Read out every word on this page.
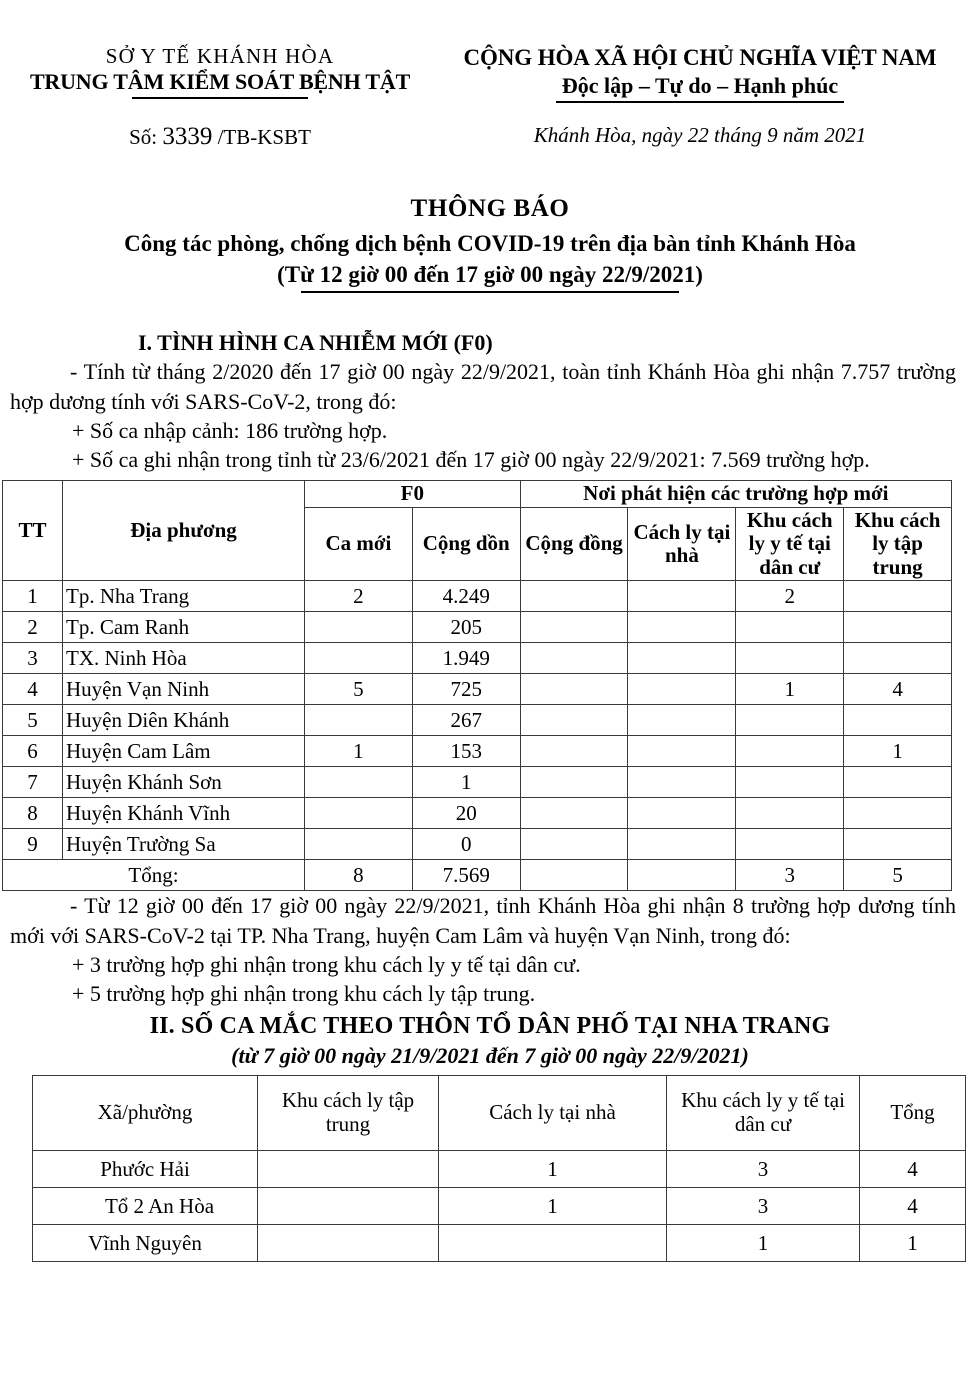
SỞ Y TẾ KHÁNH HÒA
TRUNG TÂM KIỂM SOÁT BỆNH TẬT
CỘNG HÒA XÃ HỘI CHỦ NGHĨA VIỆT NAM
Độc lập – Tự do – Hạnh phúc
Số: 3339 /TB-KSBT	Khánh Hòa, ngày 22 tháng 9 năm 2021
THÔNG BÁO
Công tác phòng, chống dịch bệnh COVID-19 trên địa bàn tỉnh Khánh Hòa
(Từ 12 giờ 00 đến 17 giờ 00 ngày 22/9/2021)
I. TÌNH HÌNH CA NHIỄM MỚI (F0)

- Tính từ tháng 2/2020 đến 17 giờ 00 ngày 22/9/2021, toàn tỉnh Khánh Hòa ghi nhận 7.757 trường hợp dương tính với SARS-CoV-2, trong đó:

+ Số ca nhập cảnh: 186 trường hợp.

+ Số ca ghi nhận trong tỉnh từ 23/6/2021 đến 17 giờ 00 ngày 22/9/2021: 7.569 trường hợp.

TT	Địa phương	F0		Nơi phát hiện các trường hợp mới			
		Ca mới	Cộng dồn	Cộng đồng	Cách ly tại nhà	Khu cách ly y tế tại dân cư	Khu cách ly tập trung
1	Tp. Nha Trang	2	4.249			2	
2	Tp. Cam Ranh		205				
3	TX. Ninh Hòa		1.949				
4	Huyện Vạn Ninh	5	725			1	4
5	Huyện Diên Khánh		267				
6	Huyện Cam Lâm	1	153				1
7	Huyện Khánh Sơn		1				
8	Huyện Khánh Vĩnh		20				
9	Huyện Trường Sa		0				
Tổng:		8	7.569			3	5

- Từ 12 giờ 00 đến 17 giờ 00 ngày 22/9/2021, tỉnh Khánh Hòa ghi nhận 8 trường hợp dương tính mới với SARS-CoV-2 tại TP. Nha Trang, huyện Cam Lâm và huyện Vạn Ninh, trong đó:

+ 3 trường hợp ghi nhận trong khu cách ly y tế tại dân cư.

+ 5 trường hợp ghi nhận trong khu cách ly tập trung.

II. SỐ CA MẮC THEO THÔN TỔ DÂN PHỐ TẠI NHA TRANG
(từ 7 giờ 00 ngày 21/9/2021 đến 7 giờ 00 ngày 22/9/2021)
Xã/phường	Khu cách ly tập trung	Cách ly tại nhà	Khu cách ly y tế tại dân cư	Tổng
Phước Hải		1	3	4
Tổ 2 An Hòa		1	3	4
Vĩnh Nguyên			1	1
